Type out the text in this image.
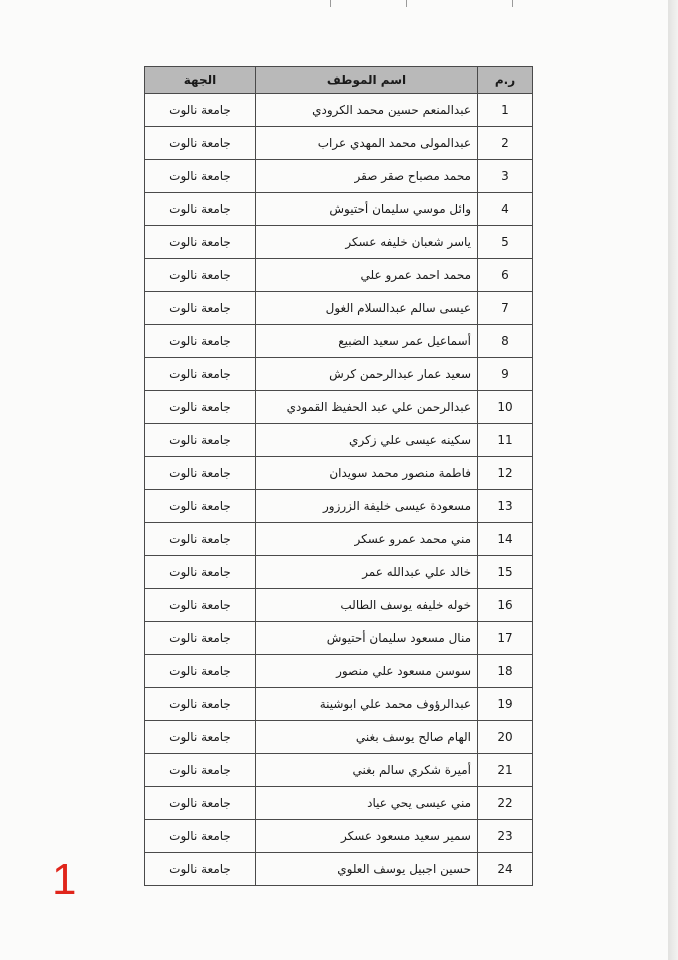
ر.م	اسم الموطف	الجهة
1	عبدالمنعم حسين محمد الكرودي	جامعة نالوت
2	عبدالمولى محمد المهدي عراب	جامعة نالوت
3	محمد مصباح صقر صقر	جامعة نالوت
4	وائل موسي سليمان أحتيوش	جامعة نالوت
5	ياسر شعبان خليفه عسكر	جامعة نالوت
6	محمد احمد عمرو علي	جامعة نالوت
7	عيسى سالم عبدالسلام الغول	جامعة نالوت
8	أسماعيل عمر سعيد الضبيع	جامعة نالوت
9	سعيد عمار عبدالرحمن كرش	جامعة نالوت
10	عبدالرحمن علي عبد الحفيظ القمودي	جامعة نالوت
11	سكينه عيسى علي زكري	جامعة نالوت
12	فاطمة منصور محمد سويدان	جامعة نالوت
13	مسعودة عيسى خليفة الزرزور	جامعة نالوت
14	مني محمد عمرو عسكر	جامعة نالوت
15	خالد علي عبدالله عمر	جامعة نالوت
16	خوله خليفه يوسف الطالب	جامعة نالوت
17	منال مسعود سليمان أحتيوش	جامعة نالوت
18	سوسن مسعود علي منصور	جامعة نالوت
19	عبدالرؤوف محمد علي ابوشينة	جامعة نالوت
20	الهام صالح يوسف بغني	جامعة نالوت
21	أميرة شكري سالم بغني	جامعة نالوت
22	مني عيسى يحي عياد	جامعة نالوت
23	سمير سعيد مسعود عسكر	جامعة نالوت
24	حسين اجبيل يوسف العلوي	جامعة نالوت
1
